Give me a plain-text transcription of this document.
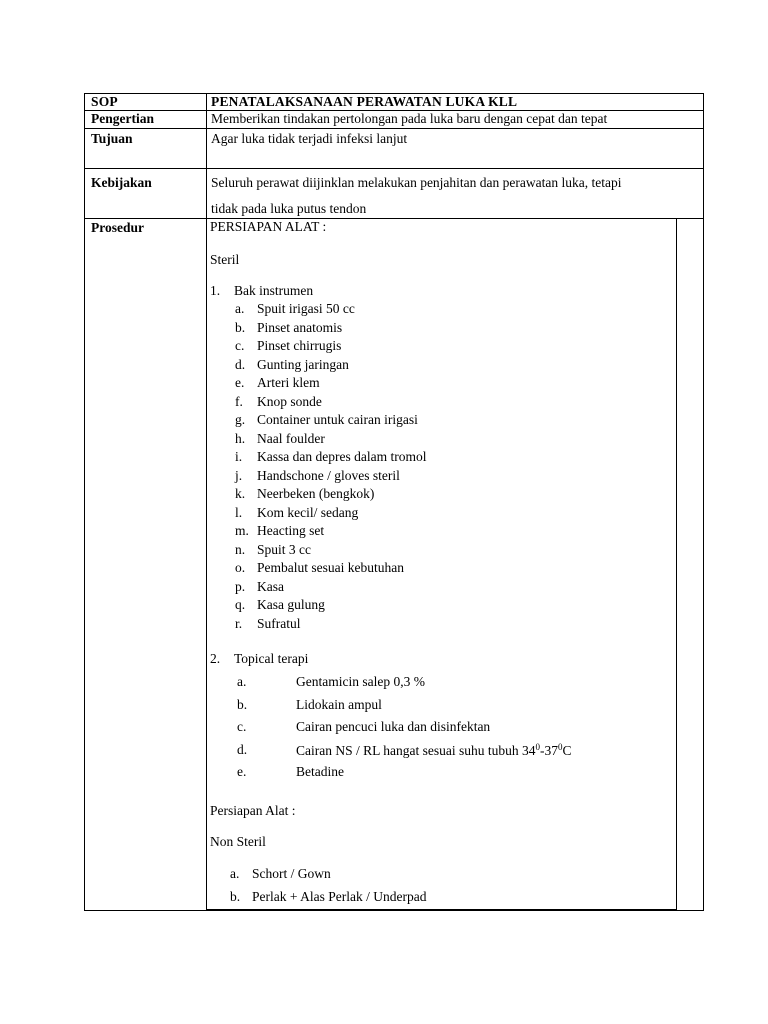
SOP	PENATALAKSANAAN PERAWATAN LUKA KLL
Pengertian	Memberikan tindakan pertolongan pada luka baru dengan cepat dan tepat
Tujuan	Agar luka tidak terjadi infeksi lanjut
Kebijakan	Seluruh perawat diijinklan melakukan penjahitan dan perawatan luka, tetapi
tidak pada luka putus tendon
Prosedur	PERSIAPAN ALAT :
Steril
1. Bak instrumen
a. Spuit irigasi 50 cc
b. Pinset anatomis
c. Pinset chirrugis
d. Gunting jaringan
e. Arteri klem
f. Knop sonde
g. Container untuk cairan irigasi
h. Naal foulder
i. Kassa dan depres dalam tromol
j. Handschone / gloves steril
k. Neerbeken (bengkok)
l. Kom kecil/ sedang
m. Heacting set
n. Spuit 3 cc
o. Pembalut sesuai kebutuhan
p. Kasa
q. Kasa gulung
r. Sufratul
2. Topical terapi
a.	Gentamicin salep 0,3 %
b.	Lidokain ampul
c.	Cairan pencuci luka dan disinfektan
d.	Cairan NS / RL hangat sesuai suhu tubuh $34^0-37^0C$
e.	Betadine
Persiapan Alat :
Non Steril
a. Schort / Gown
b. Perlak + Alas Perlak / Underpad
